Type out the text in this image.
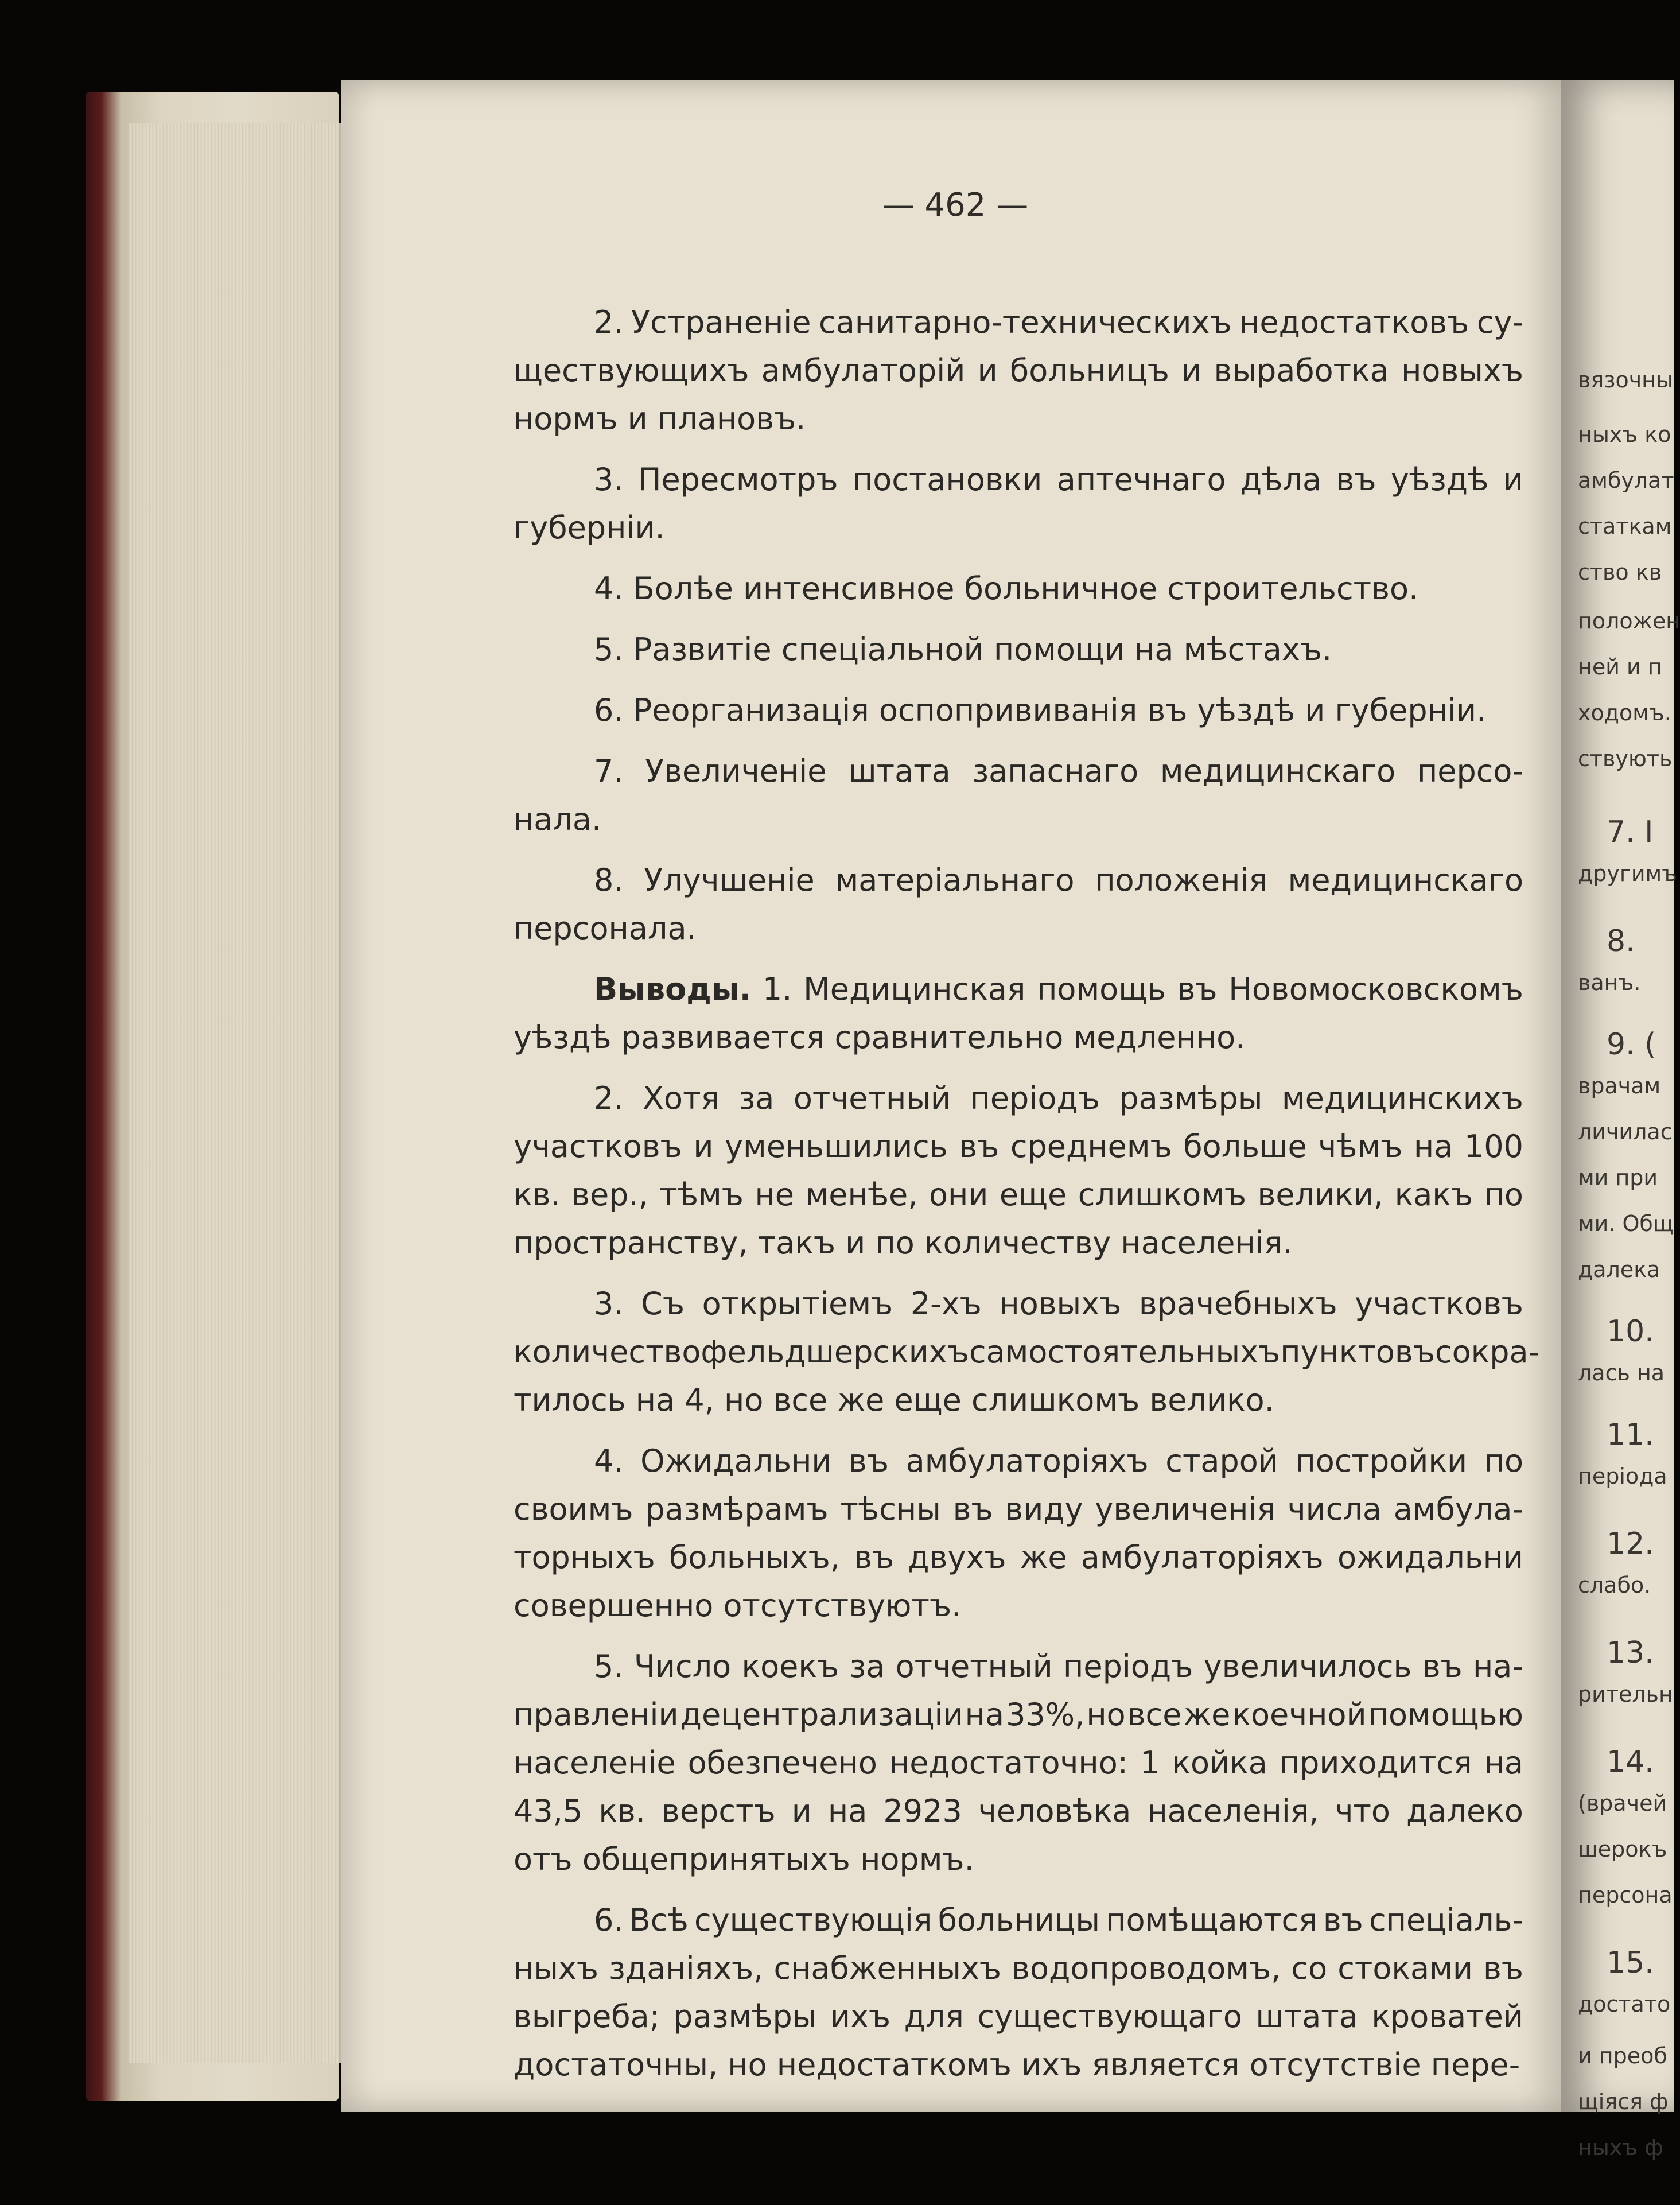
— 462 —
2. Устраненіе санитарно-техническихъ недостатковъ су-
ществующихъ амбулаторій и больницъ и выработка новыхъ
нормъ и плановъ.
3. Пересмотръ постановки аптечнаго дѣла въ уѣздѣ и
губерніи.
4. Болѣе интенсивное больничное строительство.
5. Развитіе спеціальной помощи на мѣстахъ.
6. Реорганизація оспопрививанія въ уѣздѣ и губерніи.
7. Увеличеніе штата запаснаго медицинскаго персо-
нала.
8. Улучшеніе матеріальнаго положенія медицинскаго
персонала.
Выводы. 1. Медицинская помощь въ Новомосковскомъ
уѣздѣ развивается сравнительно медленно.
2. Хотя за отчетный періодъ размѣры медицинскихъ
участковъ и уменьшились въ среднемъ больше чѣмъ на 100
кв. вер., тѣмъ не менѣе, они еще слишкомъ велики, какъ по
пространству, такъ и по количеству населенія.
3. Съ открытіемъ 2-хъ новыхъ врачебныхъ участковъ
количество фельдшерскихъ самостоятельныхъ пунктовъ сокра-
тилось на 4, но все же еще слишкомъ велико.
4. Ожидальни въ амбулаторіяхъ старой постройки по
своимъ размѣрамъ тѣсны въ виду увеличенія числа амбула-
торныхъ больныхъ, въ двухъ же амбулаторіяхъ ожидальни
совершенно отсутствуютъ.
5. Число коекъ за отчетный періодъ увеличилось въ на-
правленіи децентрализаціи на 33%, но все же коечной помощью
населеніе обезпечено недостаточно: 1 койка приходится на
43,5 кв. верстъ и на 2923 человѣка населенія, что далеко
отъ общепринятыхъ нормъ.
6. Всѣ существующія больницы помѣщаются въ спеціаль-
ныхъ зданіяхъ, снабженныхъ водопроводомъ, со стоками въ
выгреба; размѣры ихъ для существующаго штата кроватей
достаточны, но недостаткомъ ихъ является отсутствіе пере-
вязочны
ныхъ ко
амбулат
статкам
ство кв
положен
ней и п
ходомъ.
ствують
7. I
другимъ
8.
ванъ.
9. (
врачам
личилас
ми при
ми. Общ
далека
10.
лась на
11.
періода
12.
слабо.
13.
рительн
14.
(врачей
шерокъ
персона
15.
достато
и преоб
щіяся ф
ныхъ ф
